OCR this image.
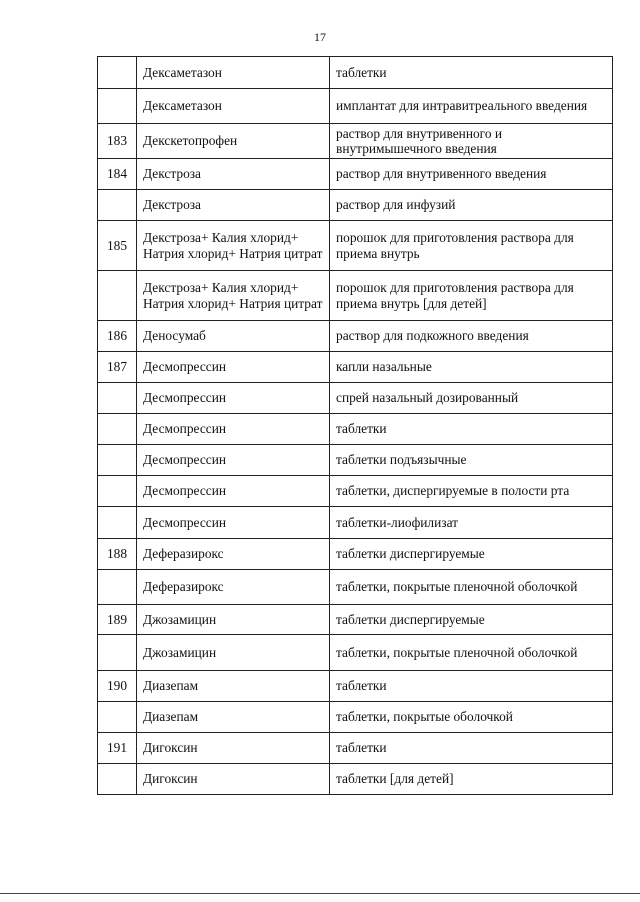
17
	Дексаметазон	таблетки
	Дексаметазон	имплантат для интравитреального введения
183	Декскетопрофен	раствор для внутривенного и внутримышечного введения
184	Декстроза	раствор для внутривенного введения
	Декстроза	раствор для инфузий
185	Декстроза+ Калия хлорид+ Натрия хлорид+ Натрия цитрат	порошок для приготовления раствора для приема внутрь
	Декстроза+ Калия хлорид+ Натрия хлорид+ Натрия цитрат	порошок для приготовления раствора для приема внутрь [для детей]
186	Деносумаб	раствор для подкожного введения
187	Десмопрессин	капли назальные
	Десмопрессин	спрей назальный дозированный
	Десмопрессин	таблетки
	Десмопрессин	таблетки подъязычные
	Десмопрессин	таблетки, диспергируемые в полости рта
	Десмопрессин	таблетки-лиофилизат
188	Деферазирокс	таблетки диспергируемые
	Деферазирокс	таблетки, покрытые пленочной оболочкой
189	Джозамицин	таблетки диспергируемые
	Джозамицин	таблетки, покрытые пленочной оболочкой
190	Диазепам	таблетки
	Диазепам	таблетки, покрытые оболочкой
191	Дигоксин	таблетки
	Дигоксин	таблетки [для детей]
